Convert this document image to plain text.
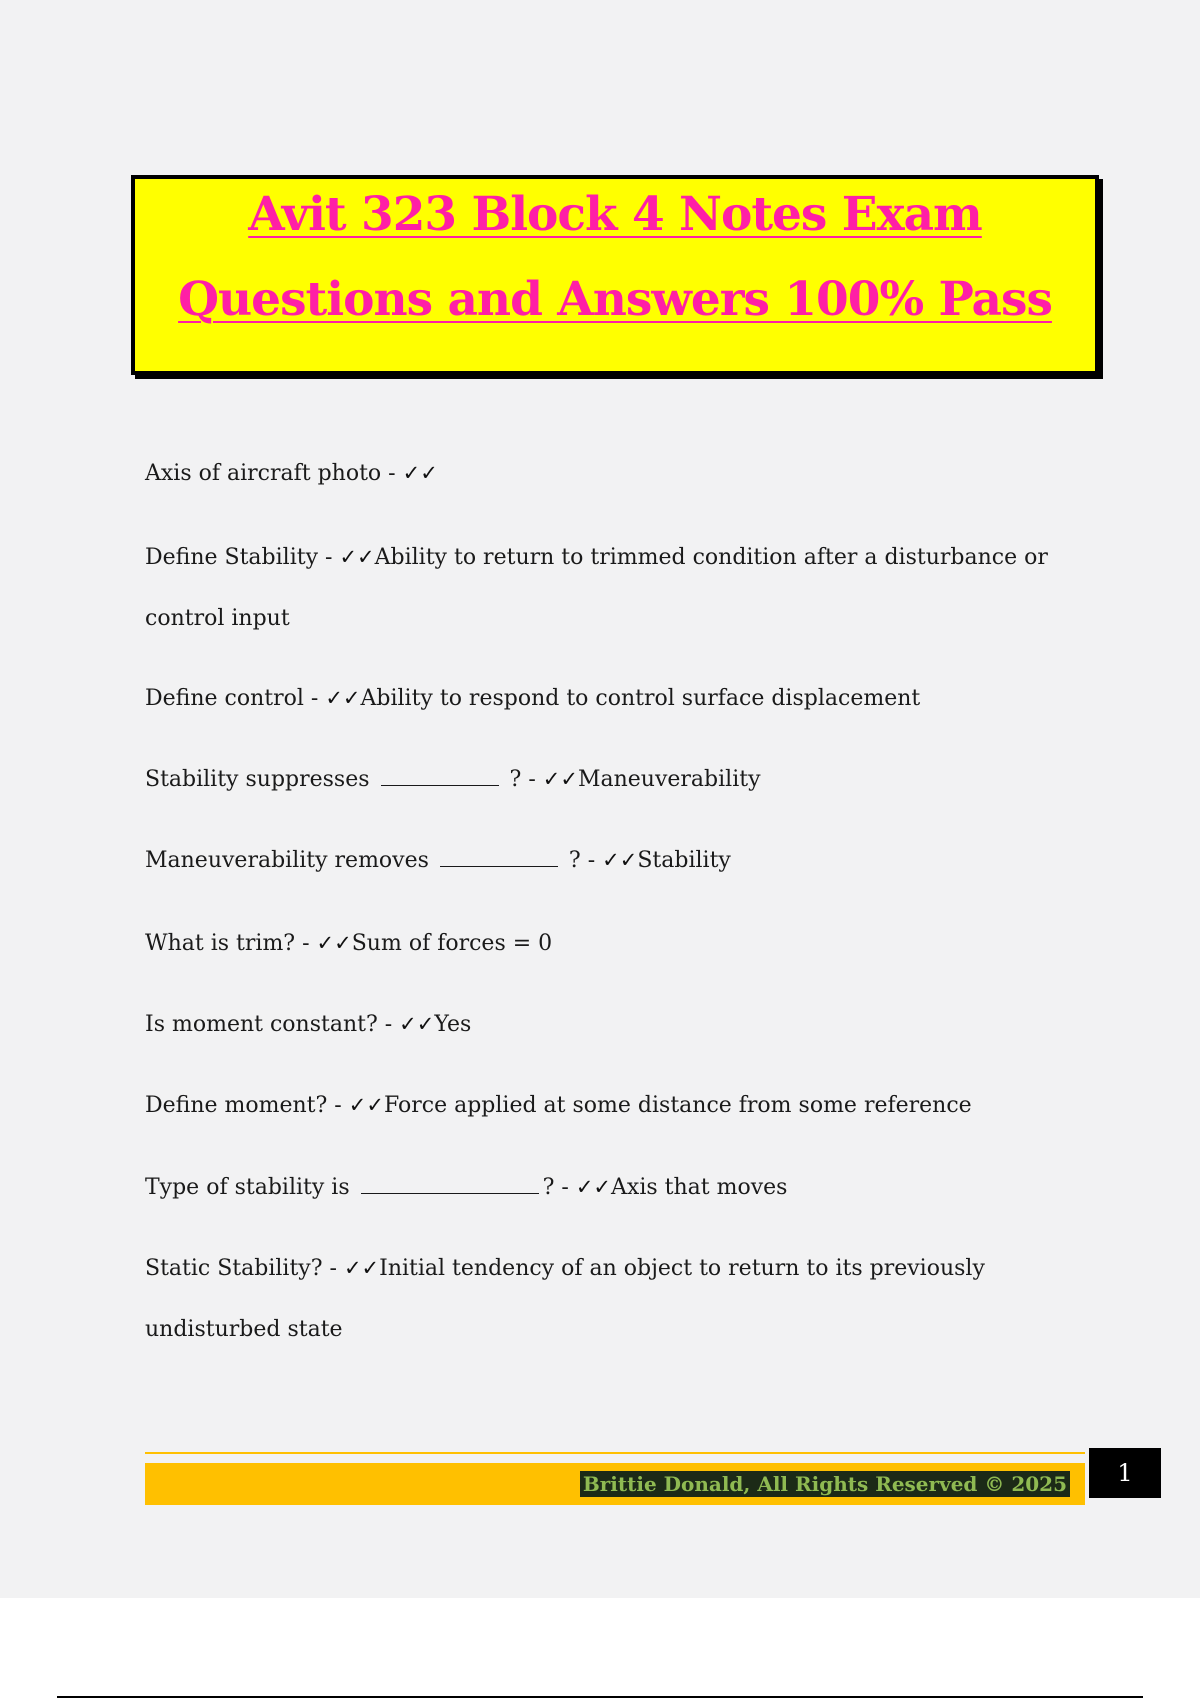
Avit 323 Block 4 Notes Exam
Questions and Answers 100% Pass
Axis of aircraft photo - ✓✓
Define Stability - ✓✓Ability to return to trimmed condition after a disturbance or control input
Define control - ✓✓Ability to respond to control surface displacement
Stability suppresses	? - ✓✓Maneuverability
Maneuverability removes	? - ✓✓Stability
What is trim? - ✓✓Sum of forces = 0
Is moment constant? - ✓✓Yes
Define moment? - ✓✓Force applied at some distance from some reference
Type of stability is	? - ✓✓Axis that moves
Static Stability? - ✓✓Initial tendency of an object to return to its previously undisturbed state
Brittie Donald, All Rights Reserved © 2025	1
